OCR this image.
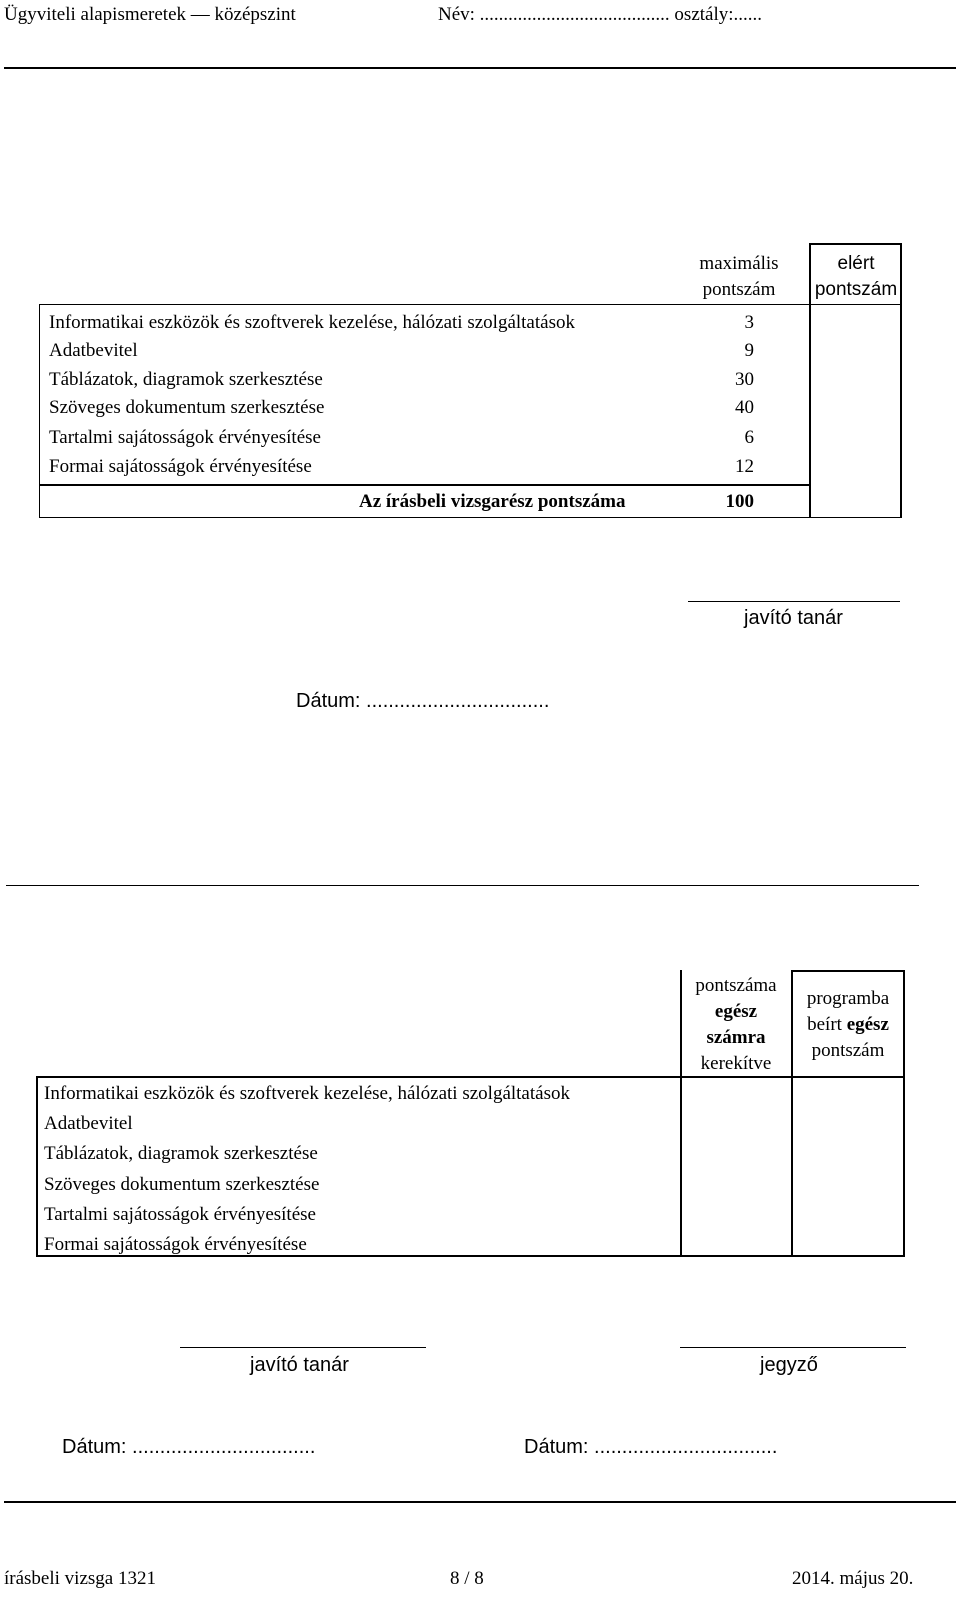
Ügyviteli alapismeretek — középszint	Név: ........................................ osztály:......
maximális
pontszám
elért
pontszám
Informatikai eszközök és szoftverek kezelése, hálózati szolgáltatások	3
Adatbevitel	9
Táblázatok, diagramok szerkesztése	30
Szöveges dokumentum szerkesztése	40
Tartalmi sajátosságok érvényesítése	6
Formai sajátosságok érvényesítése	12
Az írásbeli vizsgarész pontszáma	100
javító tanár
Dátum: .................................
pontszáma
egész
számra
kerekítve
programba
beírt egész
pontszám
Informatikai eszközök és szoftverek kezelése, hálózati szolgáltatások
Adatbevitel
Táblázatok, diagramok szerkesztése
Szöveges dokumentum szerkesztése
Tartalmi sajátosságok érvényesítése
Formai sajátosságok érvényesítése
javító tanár	jegyző
Dátum: .................................	Dátum: .................................
írásbeli vizsga 1321	8 / 8	2014. május 20.
